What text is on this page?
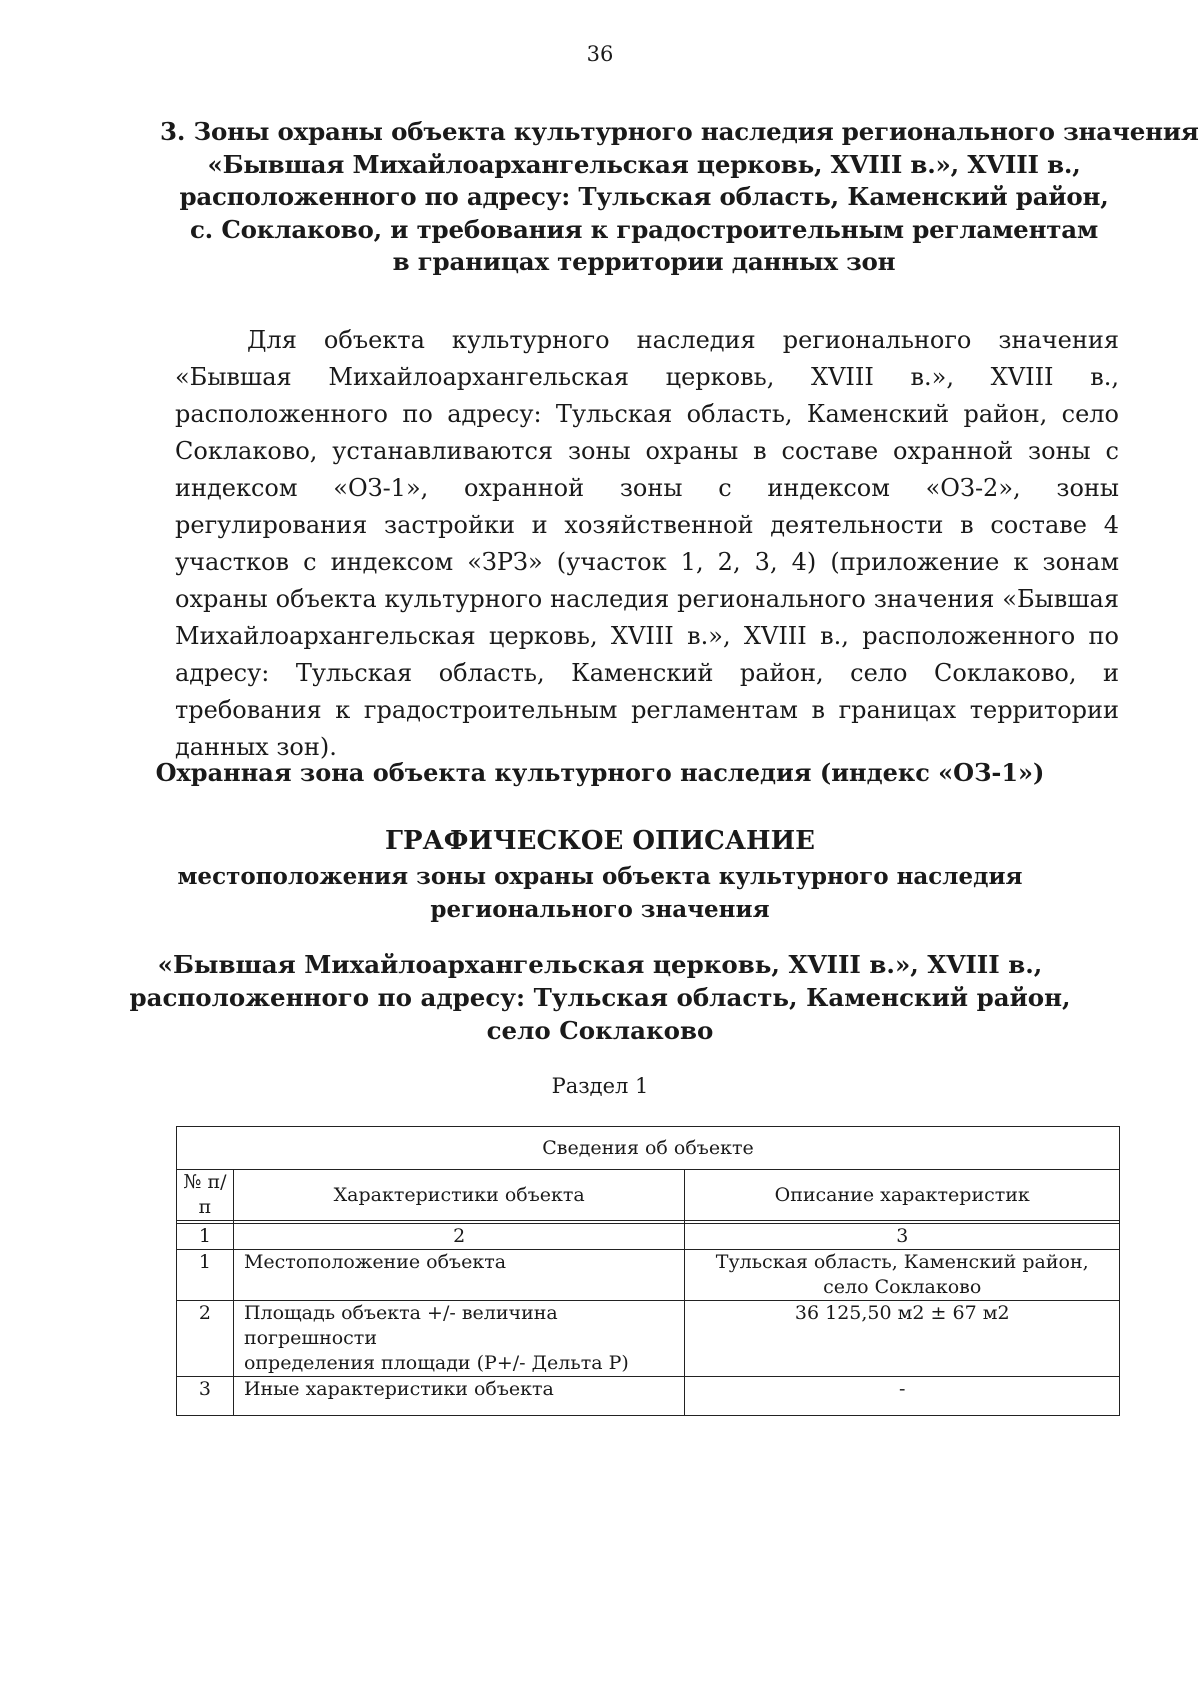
36
3. Зоны охраны объекта культурного наследия регионального значения
«Бывшая Михайлоархангельская церковь, XVIII в.», XVIII в.,
расположенного по адресу: Тульская область, Каменский район,
с. Соклаково, и требования к градостроительным регламентам
в границах территории данных зон

Для объекта культурного наследия регионального значения «Бывшая Михайлоархангельская церковь, XVIII в.», XVIII в., расположенного по адресу: Тульская область, Каменский район, село Соклаково, устанавливаются зоны охраны в составе охранной зоны с индексом «ОЗ-1», охранной зоны с индексом «ОЗ-2», зоны регулирования застройки и хозяйственной деятельности в составе 4 участков с индексом «ЗРЗ» (участок 1, 2, 3, 4) (приложение к зонам охраны объекта культурного наследия регионального значения «Бывшая Михайлоархангельская церковь, XVIII в.», XVIII в., расположенного по адресу: Тульская область, Каменский район, село Соклаково, и требования к градостроительным регламентам в границах территории данных зон).

Охранная зона объекта культурного наследия (индекс «ОЗ-1»)
ГРАФИЧЕСКОЕ ОПИСАНИЕ
местоположения зоны охраны объекта культурного наследия
регионального значения
«Бывшая Михайлоархангельская церковь, XVIII в.», XVIII в.,
расположенного по адресу: Тульская область, Каменский район,
село Соклаково
Раздел 1
Сведения об объекте		
№ п/п	Характеристики объекта	Описание характеристик

1	2	3
1	Местоположение объекта	Тульская область, Каменский район,
село Соклаково

2	Площадь объекта +/- величина погрешности
определения площади (P+/- Дельта P)	36 125,50 м2 ± 67 м2
3	Иные характеристики объекта	-
